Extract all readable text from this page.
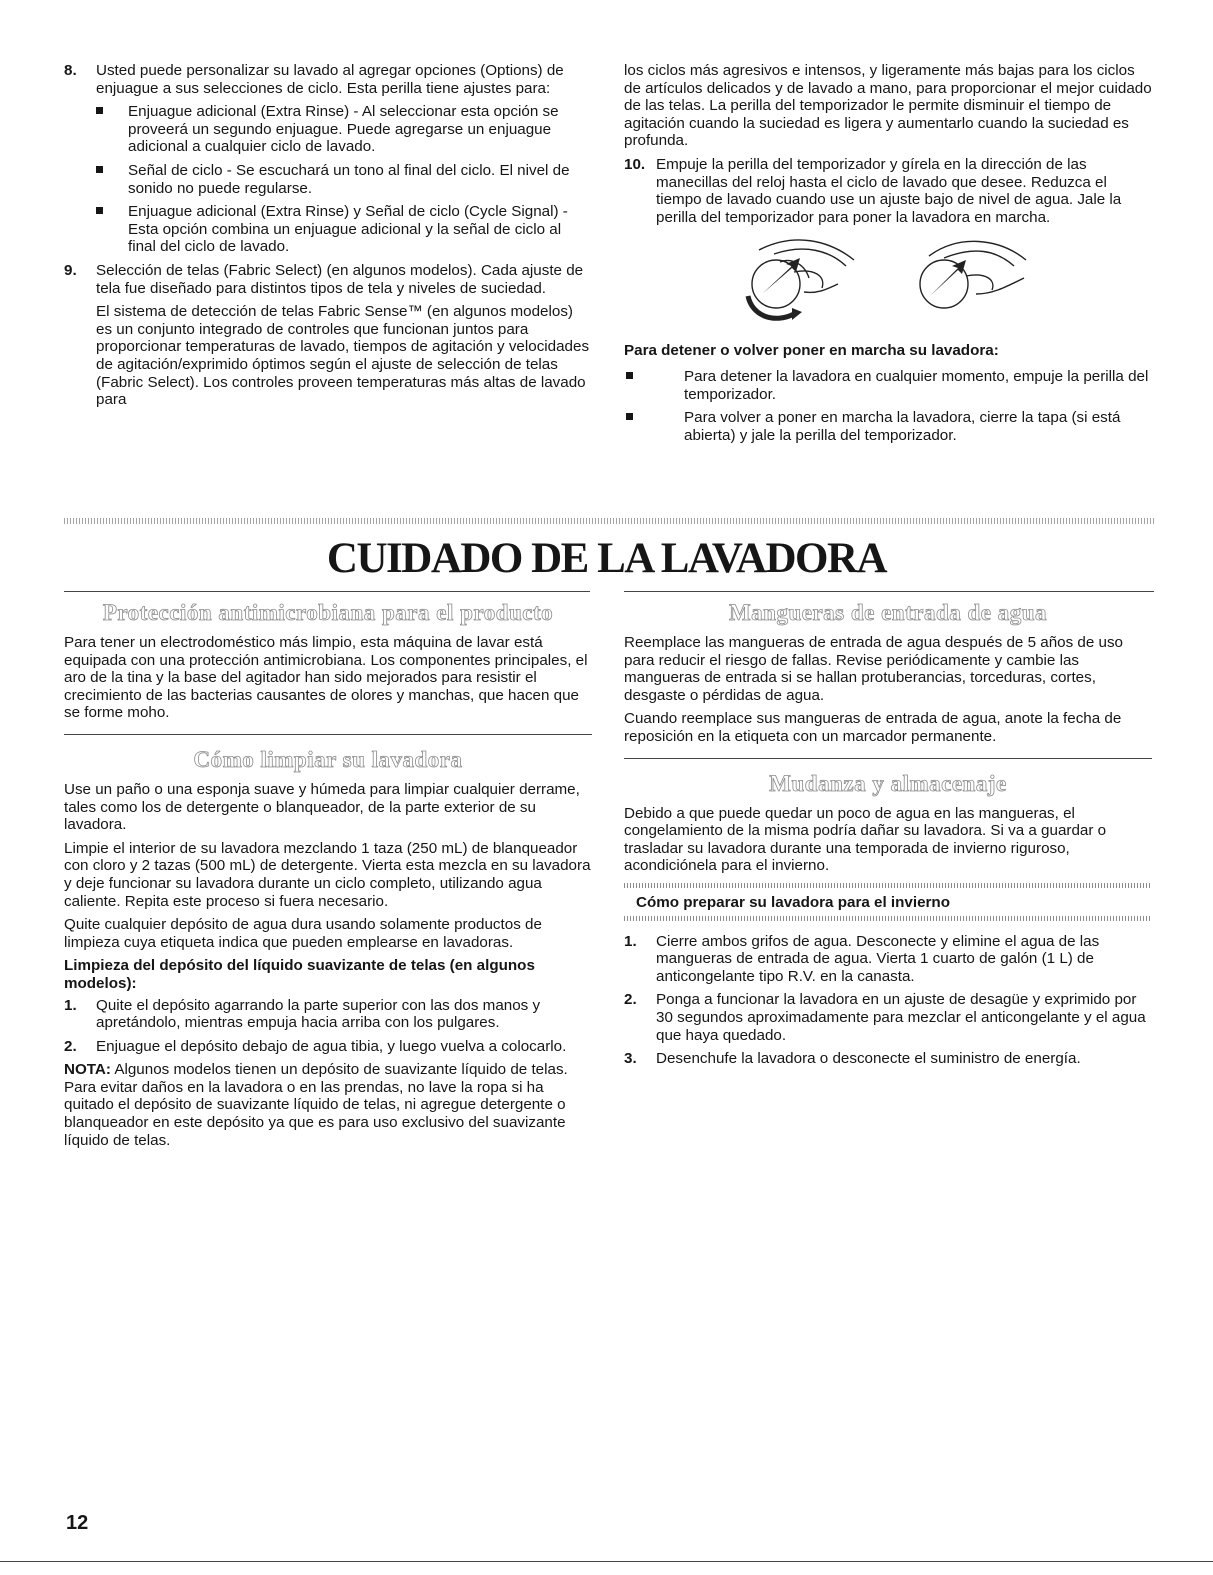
8. Usted puede personalizar su lavado al agregar opciones (Options) de enjuague a sus selecciones de ciclo. Esta perilla tiene ajustes para:

Enjuague adicional (Extra Rinse) - Al seleccionar esta opción se proveerá un segundo enjuague. Puede agregarse un enjuague adicional a cualquier ciclo de lavado.

Señal de ciclo - Se escuchará un tono al final del ciclo. El nivel de sonido no puede regularse.

Enjuague adicional (Extra Rinse) y Señal de ciclo (Cycle Signal) - Esta opción combina un enjuague adicional y la señal de ciclo al final del ciclo de lavado.

9. Selección de telas (Fabric Select) (en algunos modelos). Cada ajuste de tela fue diseñado para distintos tipos de tela y niveles de suciedad.

El sistema de detección de telas Fabric Sense™ (en algunos modelos) es un conjunto integrado de controles que funcionan juntos para proporcionar temperaturas de lavado, tiempos de agitación y velocidades de agitación/exprimido óptimos según el ajuste de selección de telas (Fabric Select). Los controles proveen temperaturas más altas de lavado para

los ciclos más agresivos e intensos, y ligeramente más bajas para los ciclos de artículos delicados y de lavado a mano, para proporcionar el mejor cuidado de las telas. La perilla del temporizador le permite disminuir el tiempo de agitación cuando la suciedad es ligera y aumentarlo cuando la suciedad es profunda.

10. Empuje la perilla del temporizador y gírela en la dirección de las manecillas del reloj hasta el ciclo de lavado que desee. Reduzca el tiempo de lavado cuando use un ajuste bajo de nivel de agua. Jale la perilla del temporizador para poner la lavadora en marcha.

Para detener o volver poner en marcha su lavadora:

Para detener la lavadora en cualquier momento, empuje la perilla del temporizador.

Para volver a poner en marcha la lavadora, cierre la tapa (si está abierta) y jale la perilla del temporizador.

CUIDADO DE LA LAVADORA
Protección antimicrobiana para el producto

Para tener un electrodoméstico más limpio, esta máquina de lavar está equipada con una protección antimicrobiana. Los componentes principales, el aro de la tina y la base del agitador han sido mejorados para resistir el crecimiento de las bacterias causantes de olores y manchas, que hacen que se forme moho.

Cómo limpiar su lavadora

Use un paño o una esponja suave y húmeda para limpiar cualquier derrame, tales como los de detergente o blanqueador, de la parte exterior de su lavadora.

Limpie el interior de su lavadora mezclando 1 taza (250 mL) de blanqueador con cloro y 2 tazas (500 mL) de detergente. Vierta esta mezcla en su lavadora y deje funcionar su lavadora durante un ciclo completo, utilizando agua caliente. Repita este proceso si fuera necesario.

Quite cualquier depósito de agua dura usando solamente productos de limpieza cuya etiqueta indica que pueden emplearse en lavadoras.

Limpieza del depósito del líquido suavizante de telas (en algunos modelos):

1. Quite el depósito agarrando la parte superior con las dos manos y apretándolo, mientras empuja hacia arriba con los pulgares.

2. Enjuague el depósito debajo de agua tibia, y luego vuelva a colocarlo.

NOTA: Algunos modelos tienen un depósito de suavizante líquido de telas. Para evitar daños en la lavadora o en las prendas, no lave la ropa si ha quitado el depósito de suavizante líquido de telas, ni agregue detergente o blanqueador en este depósito ya que es para uso exclusivo del suavizante líquido de telas.

Mangueras de entrada de agua

Reemplace las mangueras de entrada de agua después de 5 años de uso para reducir el riesgo de fallas. Revise periódicamente y cambie las mangueras de entrada si se hallan protuberancias, torceduras, cortes, desgaste o pérdidas de agua.

Cuando reemplace sus mangueras de entrada de agua, anote la fecha de reposición en la etiqueta con un marcador permanente.

Mudanza y almacenaje

Debido a que puede quedar un poco de agua en las mangueras, el congelamiento de la misma podría dañar su lavadora. Si va a guardar o trasladar su lavadora durante una temporada de invierno riguroso, acondiciónela para el invierno.

Cómo preparar su lavadora para el invierno

1. Cierre ambos grifos de agua. Desconecte y elimine el agua de las mangueras de entrada de agua. Vierta 1 cuarto de galón (1 L) de anticongelante tipo R.V. en la canasta.

2. Ponga a funcionar la lavadora en un ajuste de desagüe y exprimido por 30 segundos aproximadamente para mezclar el anticongelante y el agua que haya quedado.

3. Desenchufe la lavadora o desconecte el suministro de energía.

12
